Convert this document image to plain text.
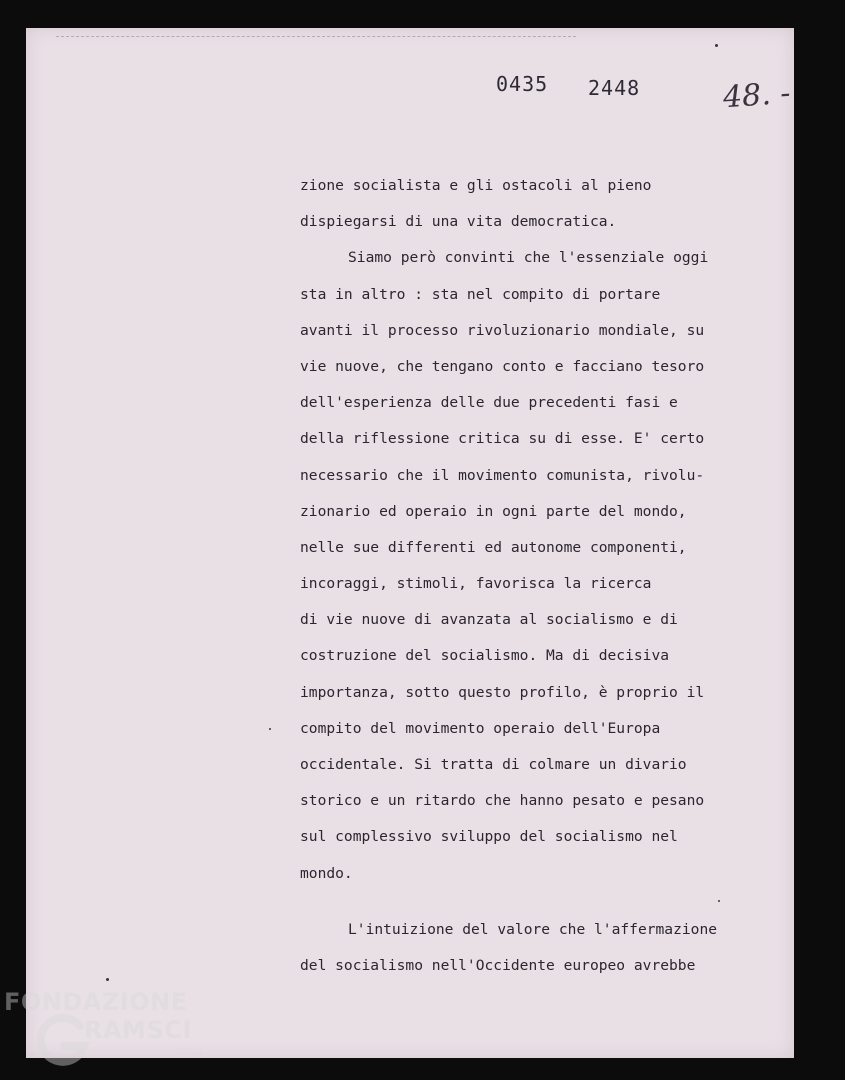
0435 2448	48. -
zione socialista e gli ostacoli al pieno
dispiegarsi di una vita democratica.
Siamo però convinti che l'essenziale oggi
sta in altro : sta nel compito di portare
avanti il processo rivoluzionario mondiale, su
vie nuove, che tengano conto e facciano tesoro
dell'esperienza delle due precedenti fasi e
della riflessione critica su di esse. E' certo
necessario che il movimento comunista, rivolu-
zionario ed operaio in ogni parte del mondo,
nelle sue differenti ed autonome componenti,
incoraggi, stimoli, favorisca la ricerca
di vie nuove di avanzata al socialismo e di
costruzione del socialismo. Ma di decisiva
importanza, sotto questo profilo, è proprio il
compito del movimento operaio dell'Europa
occidentale. Si tratta di colmare un divario
storico e un ritardo che hanno pesato e pesano
sul complessivo sviluppo del socialismo nel
mondo.
L'intuizione del valore che l'affermazione
del socialismo nell'Occidente europeo avrebbe
FONDAZIONE
RAMSCI
onlus
